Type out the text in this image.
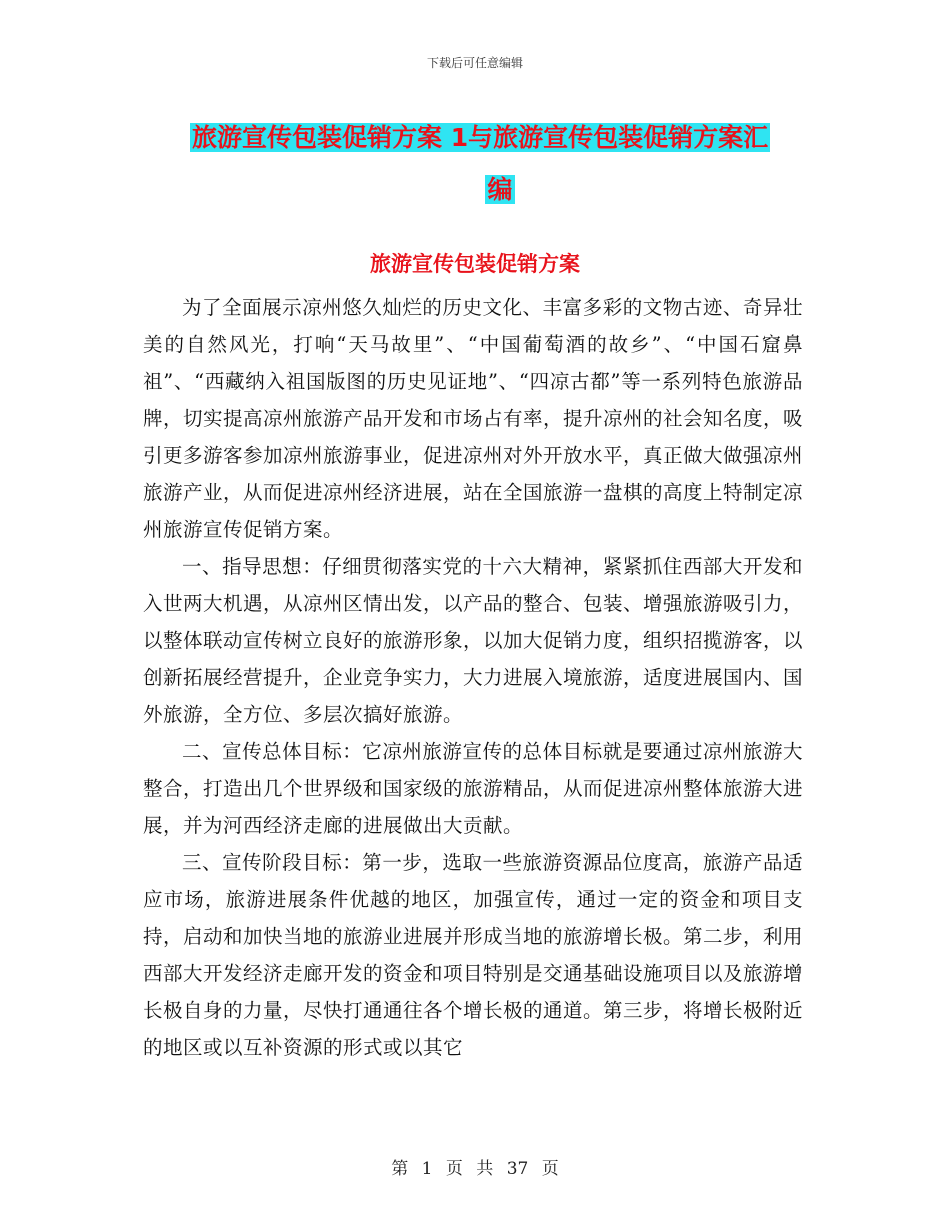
下载后可任意编辑
旅游宣传包装促销方案 1与旅游宣传包装促销方案汇
编
旅游宣传包装促销方案

为了全面展示凉州悠久灿烂的历史文化、丰富多彩的文物古迹、奇异壮美的自然风光，打响“天马故里”、“中国葡萄酒的故乡”、“中国石窟鼻祖”、“西藏纳入祖国版图的历史见证地”、“四凉古都”等一系列特色旅游品牌，切实提高凉州旅游产品开发和市场占有率，提升凉州的社会知名度，吸引更多游客参加凉州旅游事业，促进凉州对外开放水平，真正做大做强凉州旅游产业，从而促进凉州经济进展，站在全国旅游一盘棋的高度上特制定凉州旅游宣传促销方案。

一、指导思想：仔细贯彻落实党的十六大精神，紧紧抓住西部大开发和入世两大机遇，从凉州区情出发，以产品的整合、包装、增强旅游吸引力，以整体联动宣传树立良好的旅游形象，以加大促销力度，组织招揽游客，以创新拓展经营提升，企业竞争实力，大力进展入境旅游，适度进展国内、国外旅游，全方位、多层次搞好旅游。

二、宣传总体目标：它凉州旅游宣传的总体目标就是要通过凉州旅游大整合，打造出几个世界级和国家级的旅游精品，从而促进凉州整体旅游大进展，并为河西经济走廊的进展做出大贡献。

三、宣传阶段目标：第一步，选取一些旅游资源品位度高，旅游产品适应市场，旅游进展条件优越的地区，加强宣传，通过一定的资金和项目支持，启动和加快当地的旅游业进展并形成当地的旅游增长极。第二步，利用西部大开发经济走廊开发的资金和项目特别是交通基础设施项目以及旅游增长极自身的力量，尽快打通通往各个增长极的通道。第三步，将增长极附近的地区或以互补资源的形式或以其它

第 1 页 共 37 页
